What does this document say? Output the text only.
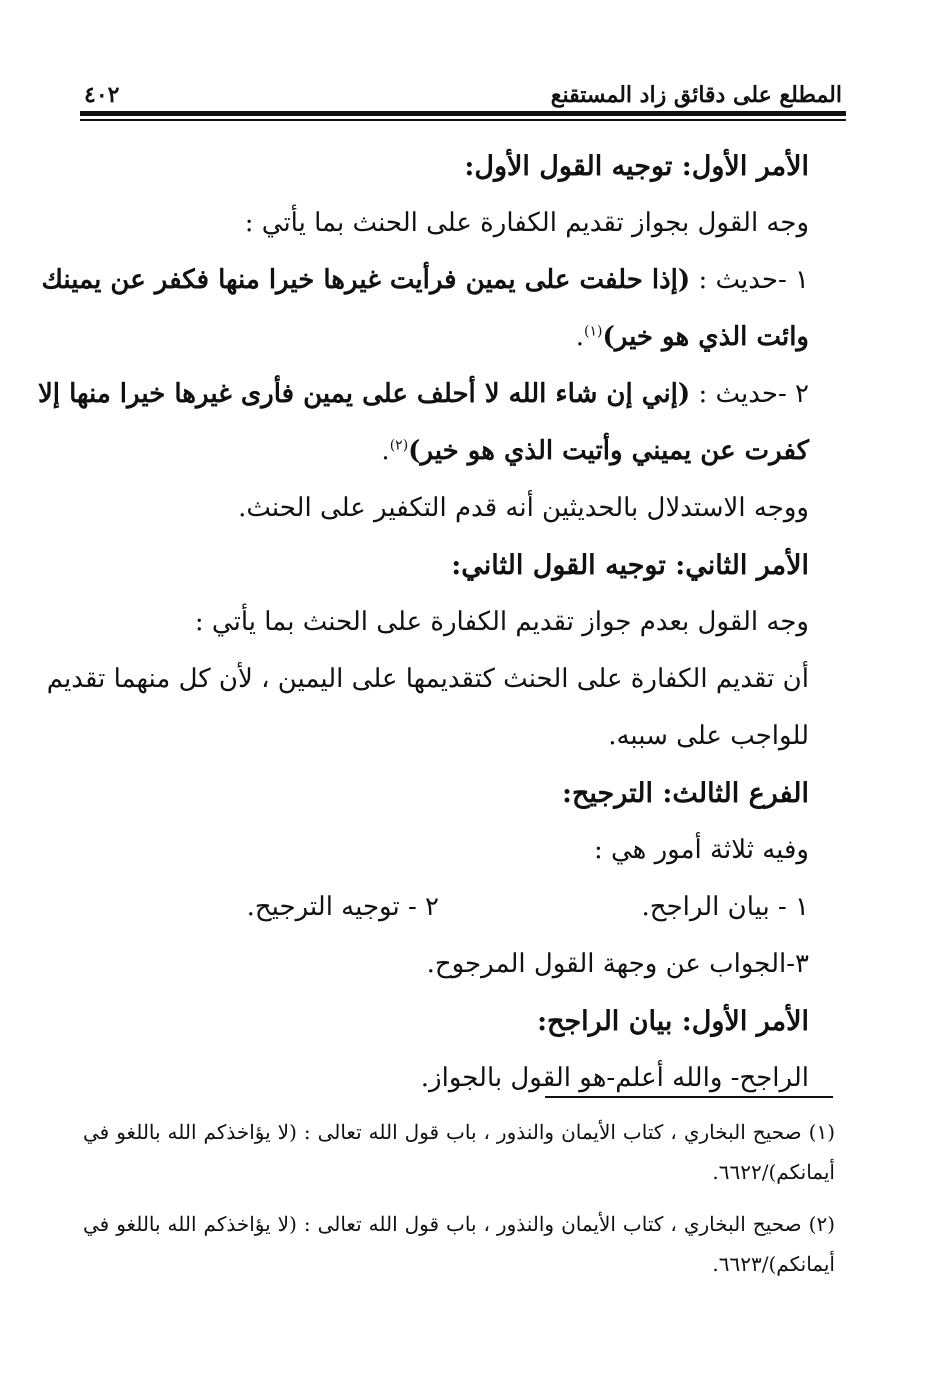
المطلع على دقائق زاد المستقنع
٤٠٢
الأمر الأول: توجيه القول الأول:
وجه القول بجواز تقديم الكفارة على الحنث بما يأتي :
١ -حديث : (إذا حلفت على يمين فرأيت غيرها خيرا منها فكفر عن يمينك
وائت الذي هو خير)$^{(١)}$.
٢ -حديث : (إني إن شاء الله لا أحلف على يمين فأرى غيرها خيرا منها إلا
كفرت عن يميني وأتيت الذي هو خير)$^{(٢)}$.
ووجه الاستدلال بالحديثين أنه قدم التكفير على الحنث.
الأمر الثاني: توجيه القول الثاني:
وجه القول بعدم جواز تقديم الكفارة على الحنث بما يأتي :
أن تقديم الكفارة على الحنث كتقديمها على اليمين ، لأن كل منهما تقديم
للواجب على سببه.
الفرع الثالث: الترجيح:
وفيه ثلاثة أمور هي :
١ - بيان الراجح.
٢ - توجيه الترجيح.
٣-الجواب عن وجهة القول المرجوح.
الأمر الأول: بيان الراجح:
الراجح- والله أعلم-هو القول بالجواز.
(١) صحيح البخاري ، كتاب الأيمان والنذور ، باب قول الله تعالى : (لا يؤاخذكم الله باللغو في
أيمانكم)/٦٦٢٢.
(٢) صحيح البخاري ، كتاب الأيمان والنذور ، باب قول الله تعالى : (لا يؤاخذكم الله باللغو في
أيمانكم)/٦٦٢٣.
